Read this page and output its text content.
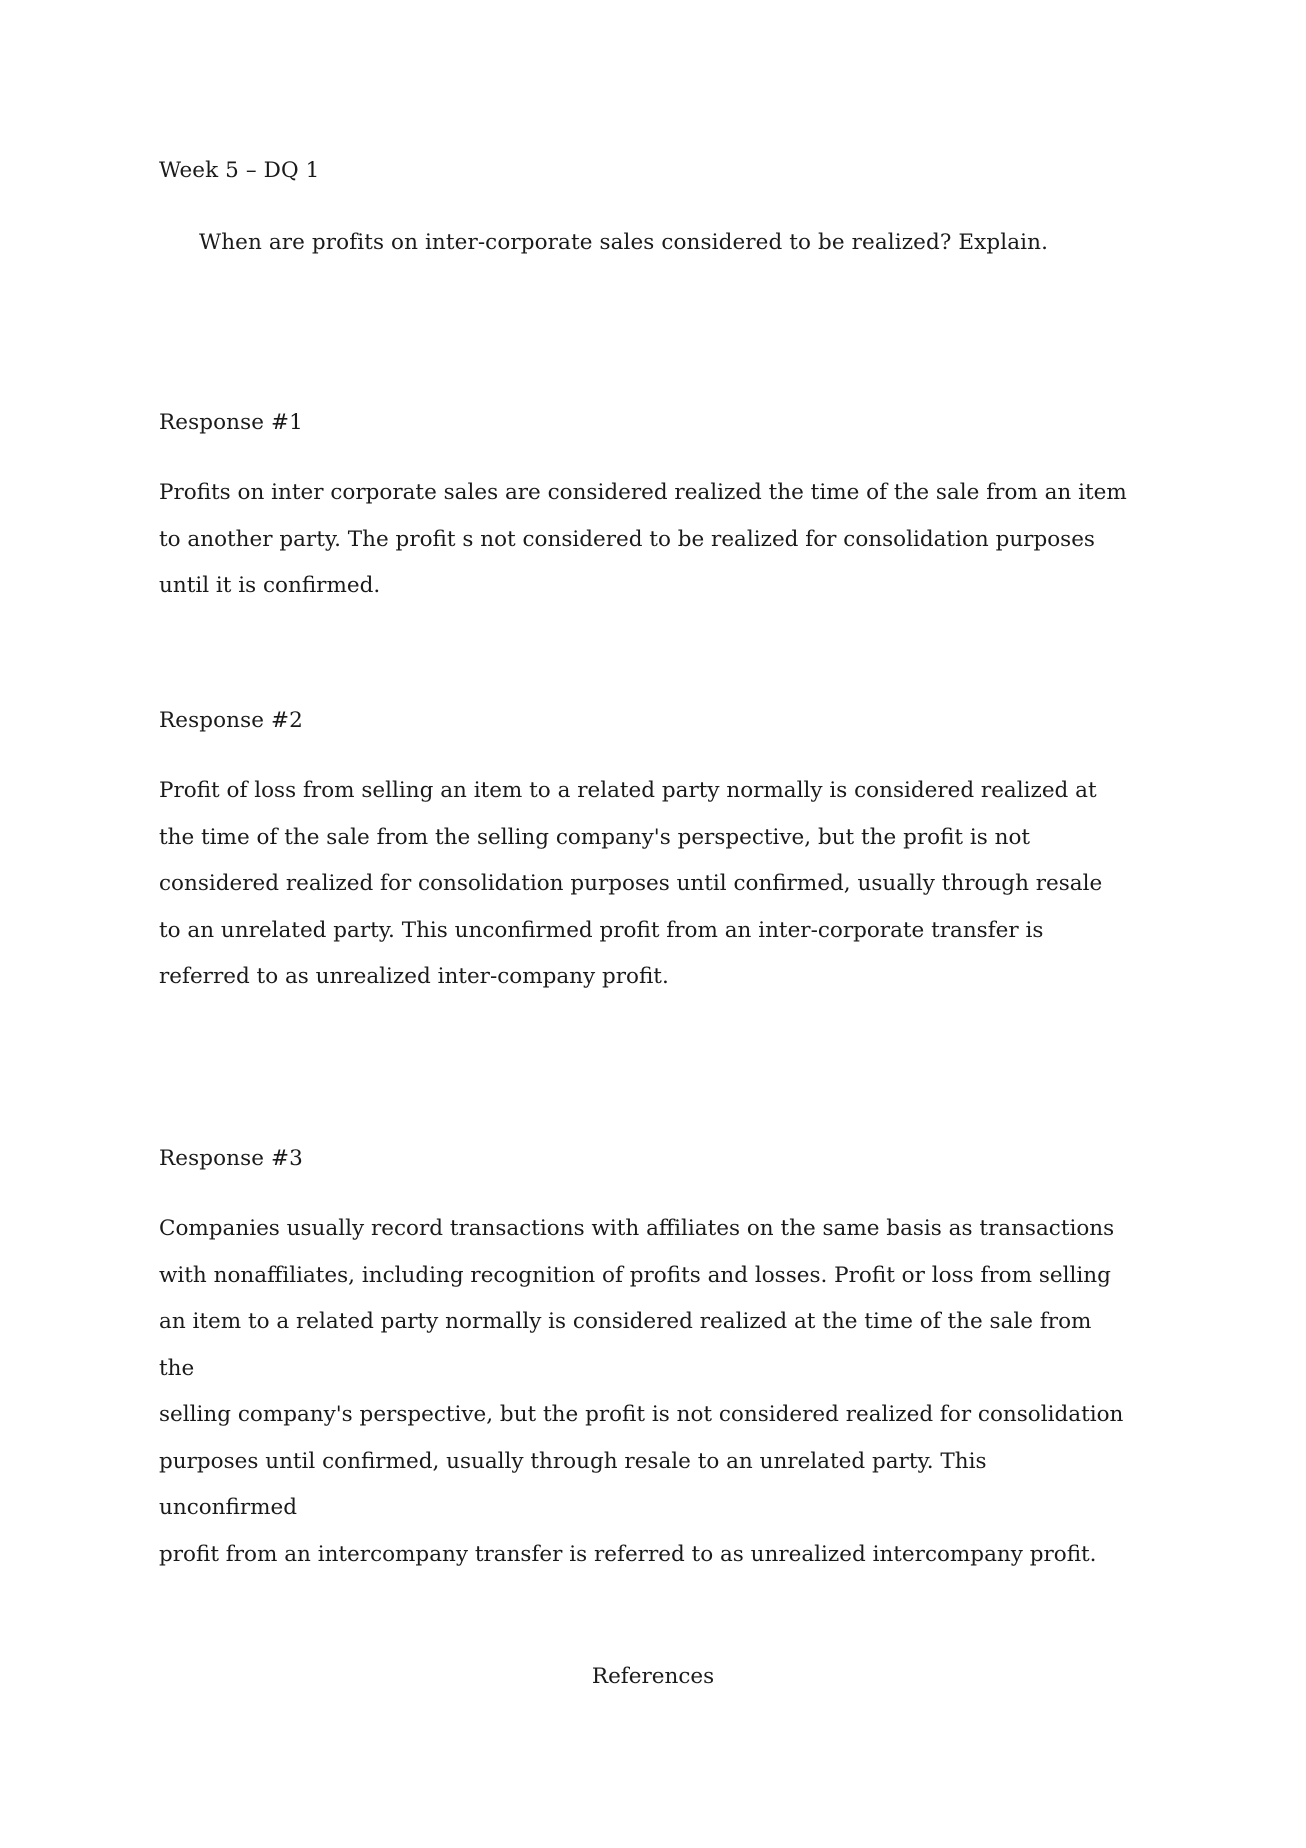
Week 5 – DQ 1
When are profits on inter-corporate sales considered to be realized? Explain.
Response #1
Profits on inter corporate sales are considered realized the time of the sale from an item
to another party. The profit s not considered to be realized for consolidation purposes
until it is confirmed.
Response #2
Profit of loss from selling an item to a related party normally is considered realized at
the time of the sale from the selling company's perspective, but the profit is not
considered realized for consolidation purposes until confirmed, usually through resale
to an unrelated party. This unconfirmed profit from an inter-corporate transfer is
referred to as unrealized inter-company profit.
Response #3
Companies usually record transactions with affiliates on the same basis as transactions
with nonaffiliates, including recognition of profits and losses. Profit or loss from selling
an item to a related party normally is considered realized at the time of the sale from
the
selling company's perspective, but the profit is not considered realized for consolidation
purposes until confirmed, usually through resale to an unrelated party. This
unconfirmed
profit from an intercompany transfer is referred to as unrealized intercompany profit.
References
